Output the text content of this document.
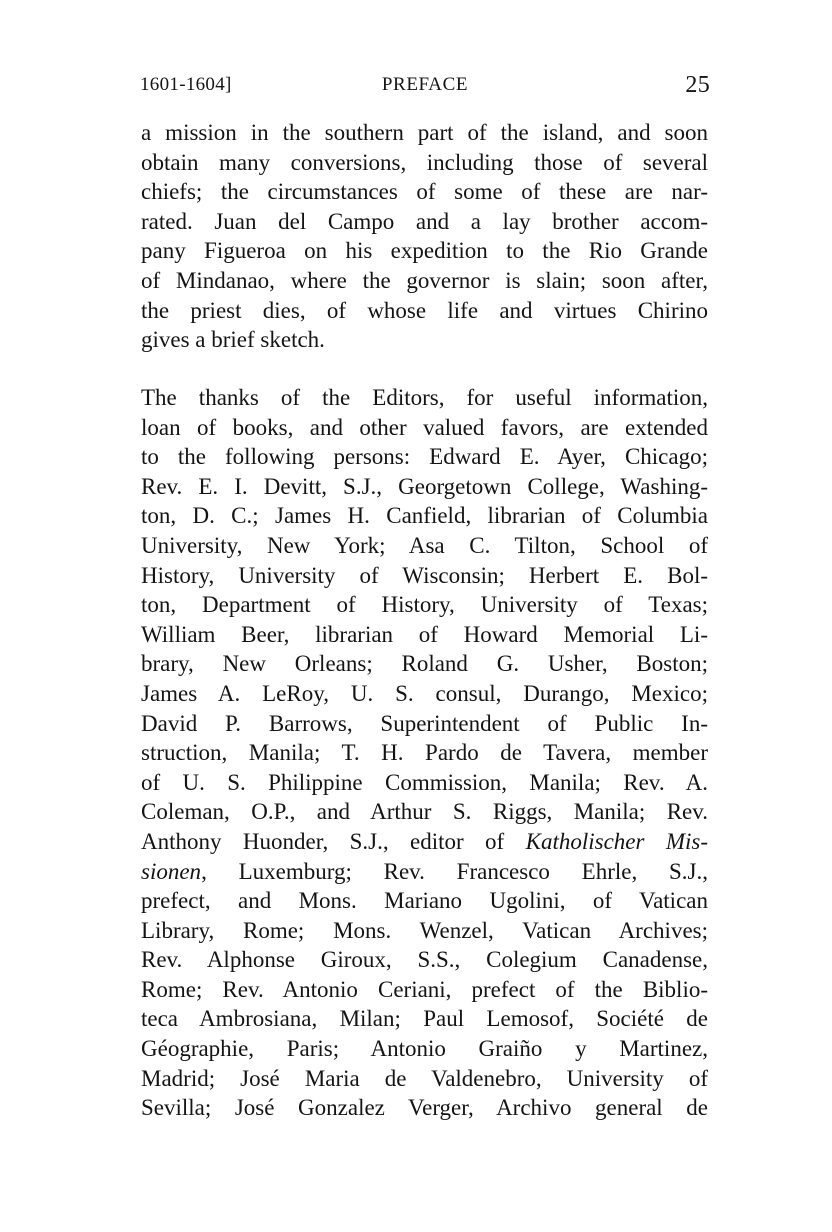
1601-1604]	PREFACE	25
a mission in the southern part of the island, and soon
obtain many conversions, including those of several
chiefs; the circumstances of some of these are nar-
rated. Juan del Campo and a lay brother accom-
pany Figueroa on his expedition to the Rio Grande
of Mindanao, where the governor is slain; soon after,
the priest dies, of whose life and virtues Chirino
gives a brief sketch.
The thanks of the Editors, for useful information,
loan of books, and other valued favors, are extended
to the following persons: Edward E. Ayer, Chicago;
Rev. E. I. Devitt, S.J., Georgetown College, Washing-
ton, D. C.; James H. Canfield, librarian of Columbia
University, New York; Asa C. Tilton, School of
History, University of Wisconsin; Herbert E. Bol-
ton, Department of History, University of Texas;
William Beer, librarian of Howard Memorial Li-
brary, New Orleans; Roland G. Usher, Boston;
James A. LeRoy, U. S. consul, Durango, Mexico;
David P. Barrows, Superintendent of Public In-
struction, Manila; T. H. Pardo de Tavera, member
of U. S. Philippine Commission, Manila; Rev. A.
Coleman, O.P., and Arthur S. Riggs, Manila; Rev.
Anthony Huonder, S.J., editor of Katholischer Mis-
sionen, Luxemburg; Rev. Francesco Ehrle, S.J.,
prefect, and Mons. Mariano Ugolini, of Vatican
Library, Rome; Mons. Wenzel, Vatican Archives;
Rev. Alphonse Giroux, S.S., Colegium Canadense,
Rome; Rev. Antonio Ceriani, prefect of the Biblio-
teca Ambrosiana, Milan; Paul Lemosof, Société de
Géographie, Paris; Antonio Graiño y Martinez,
Madrid; José Maria de Valdenebro, University of
Sevilla; José Gonzalez Verger, Archivo general de
